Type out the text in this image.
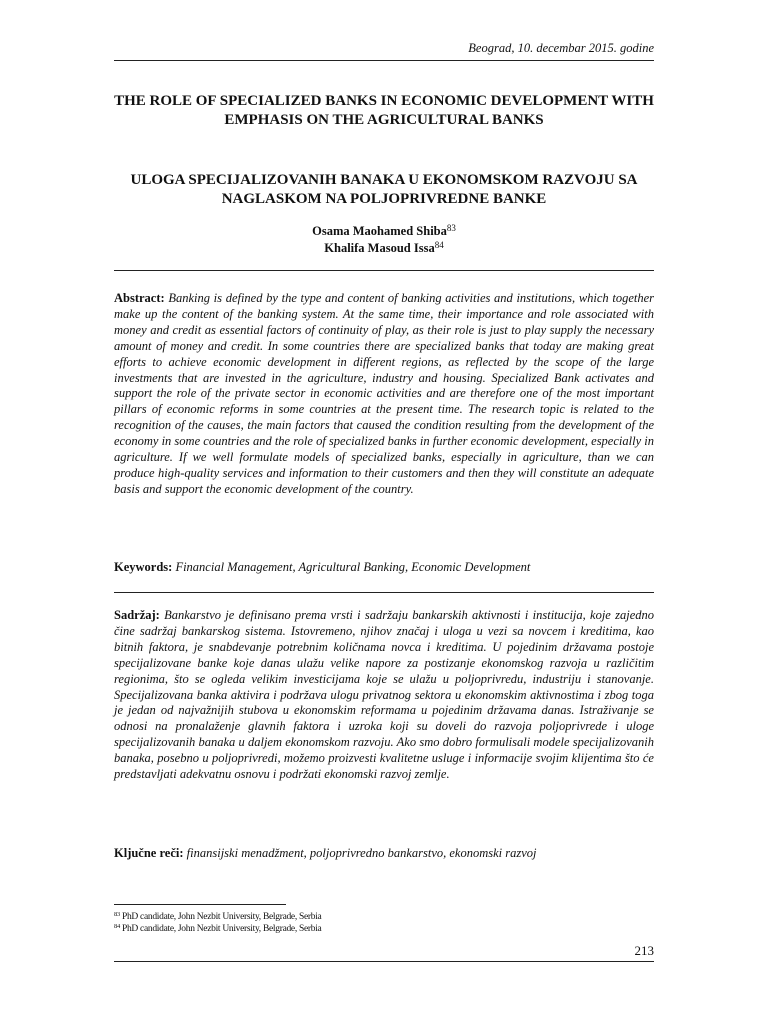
Beograd, 10. decembar 2015. godine
THE ROLE OF SPECIALIZED BANKS IN ECONOMIC DEVELOPMENT WITH EMPHASIS ON THE AGRICULTURAL BANKS
ULOGA SPECIJALIZOVANIH BANAKA U EKONOMSKOM RAZVOJU SA NAGLASKOM NA POLJOPRIVREDNE BANKE
Osama Maohamed Shiba$^{83}$
Khalifa Masoud Issa$^{84}$
Abstract: Banking is defined by the type and content of banking activities and institutions, which together make up the content of the banking system. At the same time, their importance and role associated with money and credit as essential factors of continuity of play, as their role is just to play supply the necessary amount of money and credit. In some countries there are specialized banks that today are making great efforts to achieve economic development in different regions, as reflected by the scope of the large investments that are invested in the agriculture, industry and housing. Specialized Bank activates and support the role of the private sector in economic activities and are therefore one of the most important pillars of economic reforms in some countries at the present time. The research topic is related to the recognition of the causes, the main factors that caused the condition resulting from the development of the economy in some countries and the role of specialized banks in further economic development, especially in agriculture. If we well formulate models of specialized banks, especially in agriculture, than we can produce high-quality services and information to their customers and then they will constitute an adequate basis and support the economic development of the country.
Keywords: Financial Management, Agricultural Banking, Economic Development
Sadržaj: Bankarstvo je definisano prema vrsti i sadržaju bankarskih aktivnosti i institucija, koje zajedno čine sadržaj bankarskog sistema. Istovremeno, njihov značaj i uloga u vezi sa novcem i kreditima, kao bitnih faktora, je snabdevanje potrebnim količnama novca i kreditima. U pojedinim državama postoje specijalizovane banke koje danas ulažu velike napore za postizanje ekonomskog razvoja u različitim regionima, što se ogleda velikim investicijama koje se ulažu u poljoprivredu, industriju i stanovanje. Specijalizovana banka aktivira i podržava ulogu privatnog sektora u ekonomskim aktivnostima i zbog toga je jedan od najvažnijih stubova u ekonomskim reformama u pojedinim državama danas. Istraživanje se odnosi na pronalaženje glavnih faktora i uzroka koji su doveli do razvoja poljoprivrede i uloge specijalizovanih banaka u daljem ekonomskom razvoju. Ako smo dobro formulisali modele specijalizovanih banaka, posebno u poljoprivredi, možemo proizvesti kvalitetne usluge i informacije svojim klijentima što će predstavljati adekvatnu osnovu i podržati ekonomski razvoj zemlje.
Ključne reči: finansijski menadžment, poljoprivredno bankarstvo, ekonomski razvoj
$^{83}$ PhD candidate, John Nezbit University, Belgrade, Serbia
$^{84}$ PhD candidate, John Nezbit University, Belgrade, Serbia
213
